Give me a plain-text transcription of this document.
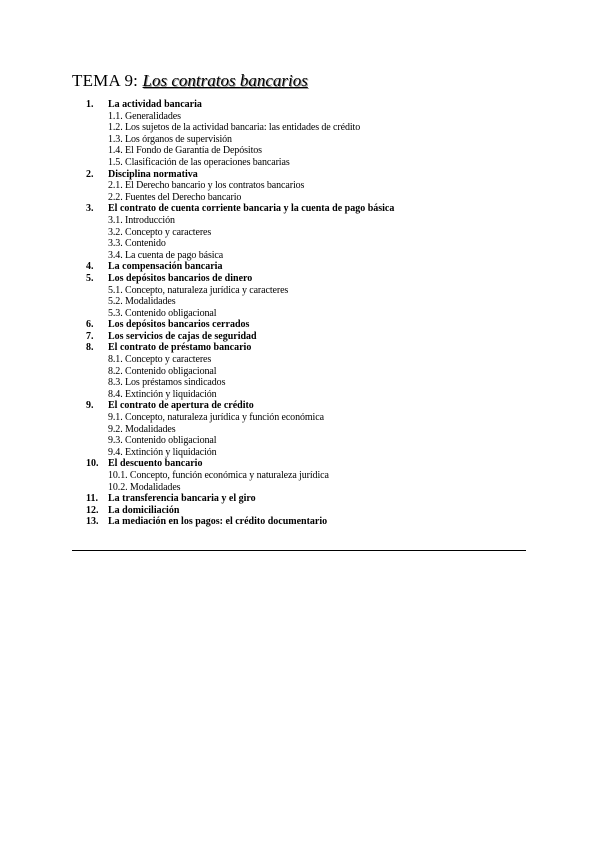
TEMA 9: Los contratos bancarios
1. La actividad bancaria
1.1. Generalidades
1.2. Los sujetos de la actividad bancaria: las entidades de crédito
1.3. Los órganos de supervisión
1.4. El Fondo de Garantía de Depósitos
1.5. Clasificación de las operaciones bancarias
2. Disciplina normativa
2.1. El Derecho bancario y los contratos bancarios
2.2. Fuentes del Derecho bancario
3. El contrato de cuenta corriente bancaria y la cuenta de pago básica
3.1. Introducción
3.2. Concepto y caracteres
3.3. Contenido
3.4. La cuenta de pago básica
4. La compensación bancaria
5. Los depósitos bancarios de dinero
5.1. Concepto, naturaleza jurídica y caracteres
5.2. Modalidades
5.3. Contenido obligacional
6. Los depósitos bancarios cerrados
7. Los servicios de cajas de seguridad
8. El contrato de préstamo bancario
8.1. Concepto y caracteres
8.2. Contenido obligacional
8.3. Los préstamos sindicados
8.4. Extinción y liquidación
9. El contrato de apertura de crédito
9.1. Concepto, naturaleza jurídica y función económica
9.2. Modalidades
9.3. Contenido obligacional
9.4. Extinción y liquidación
10. El descuento bancario
10.1. Concepto, función económica y naturaleza jurídica
10.2. Modalidades
11. La transferencia bancaria y el giro
12. La domiciliación
13. La mediación en los pagos: el crédito documentario
